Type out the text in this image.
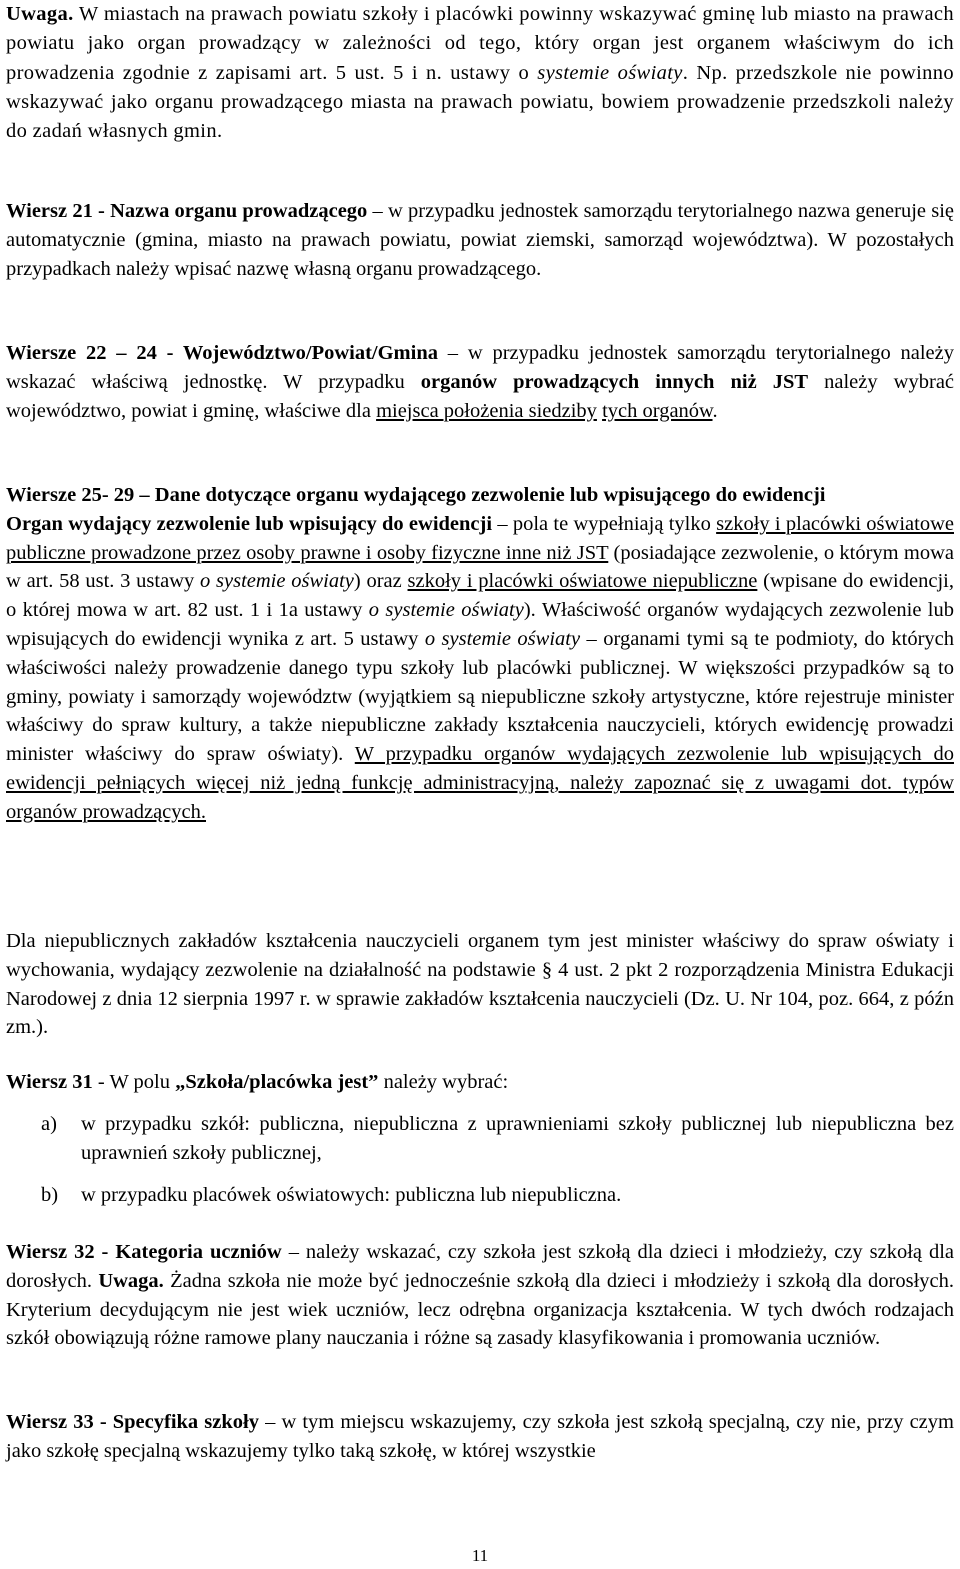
Uwaga. W miastach na prawach powiatu szkoły i placówki powinny wskazywać gminę lub miasto na prawach powiatu jako organ prowadzący w zależności od tego, który organ jest organem właściwym do ich prowadzenia zgodnie z zapisami art. 5 ust. 5 i n. ustawy o systemie oświaty. Np. przedszkole nie powinno wskazywać jako organu prowadzącego miasta na prawach powiatu, bowiem prowadzenie przedszkoli należy do zadań własnych gmin.

Wiersz 21 - Nazwa organu prowadzącego – w przypadku jednostek samorządu terytorialnego nazwa generuje się automatycznie (gmina, miasto na prawach powiatu, powiat ziemski, samorząd województwa). W pozostałych przypadkach należy wpisać nazwę własną organu prowadzącego.

Wiersze 22 – 24 - Województwo/Powiat/Gmina – w przypadku jednostek samorządu terytorialnego należy wskazać właściwą jednostkę. W przypadku organów prowadzących innych niż JST należy wybrać województwo, powiat i gminę, właściwe dla miejsca położenia siedziby tych organów.

Wiersze 25- 29 – Dane dotyczące organu wydającego zezwolenie lub wpisującego do ewidencji
Organ wydający zezwolenie lub wpisujący do ewidencji – pola te wypełniają tylko szkoły i placówki oświatowe publiczne prowadzone przez osoby prawne i osoby fizyczne inne niż JST (posiadające zezwolenie, o którym mowa w art. 58 ust. 3 ustawy o systemie oświaty) oraz szkoły i placówki oświatowe niepubliczne (wpisane do ewidencji, o której mowa w art. 82 ust. 1 i 1a ustawy o systemie oświaty). Właściwość organów wydających zezwolenie lub wpisujących do ewidencji wynika z art. 5 ustawy o systemie oświaty – organami tymi są te podmioty, do których właściwości należy prowadzenie danego typu szkoły lub placówki publicznej. W większości przypadków są to gminy, powiaty i samorządy województw (wyjątkiem są niepubliczne szkoły artystyczne, które rejestruje minister właściwy do spraw kultury, a także niepubliczne zakłady kształcenia nauczycieli, których ewidencję prowadzi minister właściwy do spraw oświaty). W przypadku organów wydających zezwolenie lub wpisujących do ewidencji pełniących więcej niż jedną funkcję administracyjną, należy zapoznać się z uwagami dot. typów organów prowadzących.

Dla niepublicznych zakładów kształcenia nauczycieli organem tym jest minister właściwy do spraw oświaty i wychowania, wydający zezwolenie na działalność na podstawie § 4 ust. 2 pkt 2 rozporządzenia Ministra Edukacji Narodowej z dnia 12 sierpnia 1997 r. w sprawie zakładów kształcenia nauczycieli (Dz. U. Nr 104, poz. 664, z późn zm.).

Wiersz 31 - W polu „Szkoła/placówka jest” należy wybrać:

a)	w przypadku szkół: publiczna, niepubliczna z uprawnieniami szkoły publicznej lub niepubliczna bez uprawnień szkoły publicznej,
b)	w przypadku placówek oświatowych: publiczna lub niepubliczna.

Wiersz 32 - Kategoria uczniów – należy wskazać, czy szkoła jest szkołą dla dzieci i młodzieży, czy szkołą dla dorosłych. Uwaga. Żadna szkoła nie może być jednocześnie szkołą dla dzieci i młodzieży i szkołą dla dorosłych. Kryterium decydującym nie jest wiek uczniów, lecz odrębna organizacja kształcenia. W tych dwóch rodzajach szkół obowiązują różne ramowe plany nauczania i różne są zasady klasyfikowania i promowania uczniów.

Wiersz 33 - Specyfika szkoły – w tym miejscu wskazujemy, czy szkoła jest szkołą specjalną, czy nie, przy czym jako szkołę specjalną wskazujemy tylko taką szkołę, w której wszystkie

11
